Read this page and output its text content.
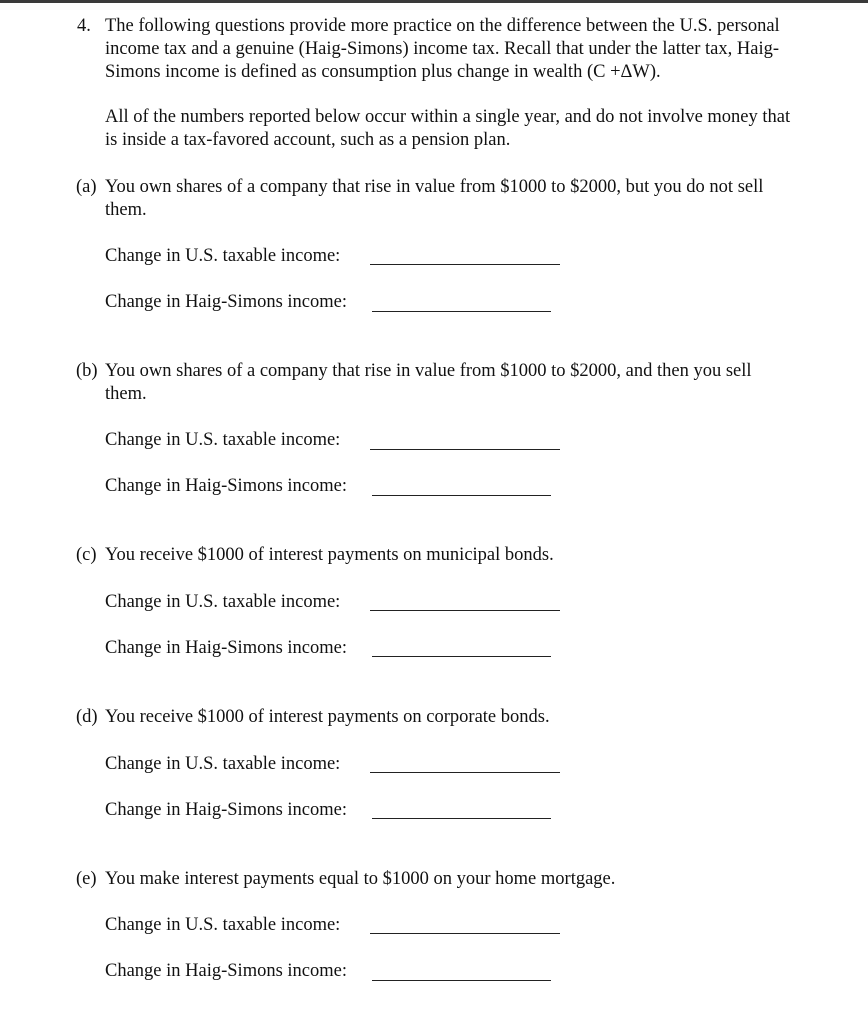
4. The following questions provide more practice on the difference between the U.S. personal
income tax and a genuine (Haig-Simons) income tax. Recall that under the latter tax, Haig-
Simons income is defined as consumption plus change in wealth (C +ΔW).
All of the numbers reported below occur within a single year, and do not involve money that
is inside a tax-favored account, such as a pension plan.
(a) You own shares of a company that rise in value from $1000 to $2000, but you do not sell
them.
Change in U.S. taxable income:
Change in Haig-Simons income:
(b) You own shares of a company that rise in value from $1000 to $2000, and then you sell
them.
Change in U.S. taxable income:
Change in Haig-Simons income:
(c) You receive $1000 of interest payments on municipal bonds.
Change in U.S. taxable income:
Change in Haig-Simons income:
(d) You receive $1000 of interest payments on corporate bonds.
Change in U.S. taxable income:
Change in Haig-Simons income:
(e) You make interest payments equal to $1000 on your home mortgage.
Change in U.S. taxable income:
Change in Haig-Simons income:
